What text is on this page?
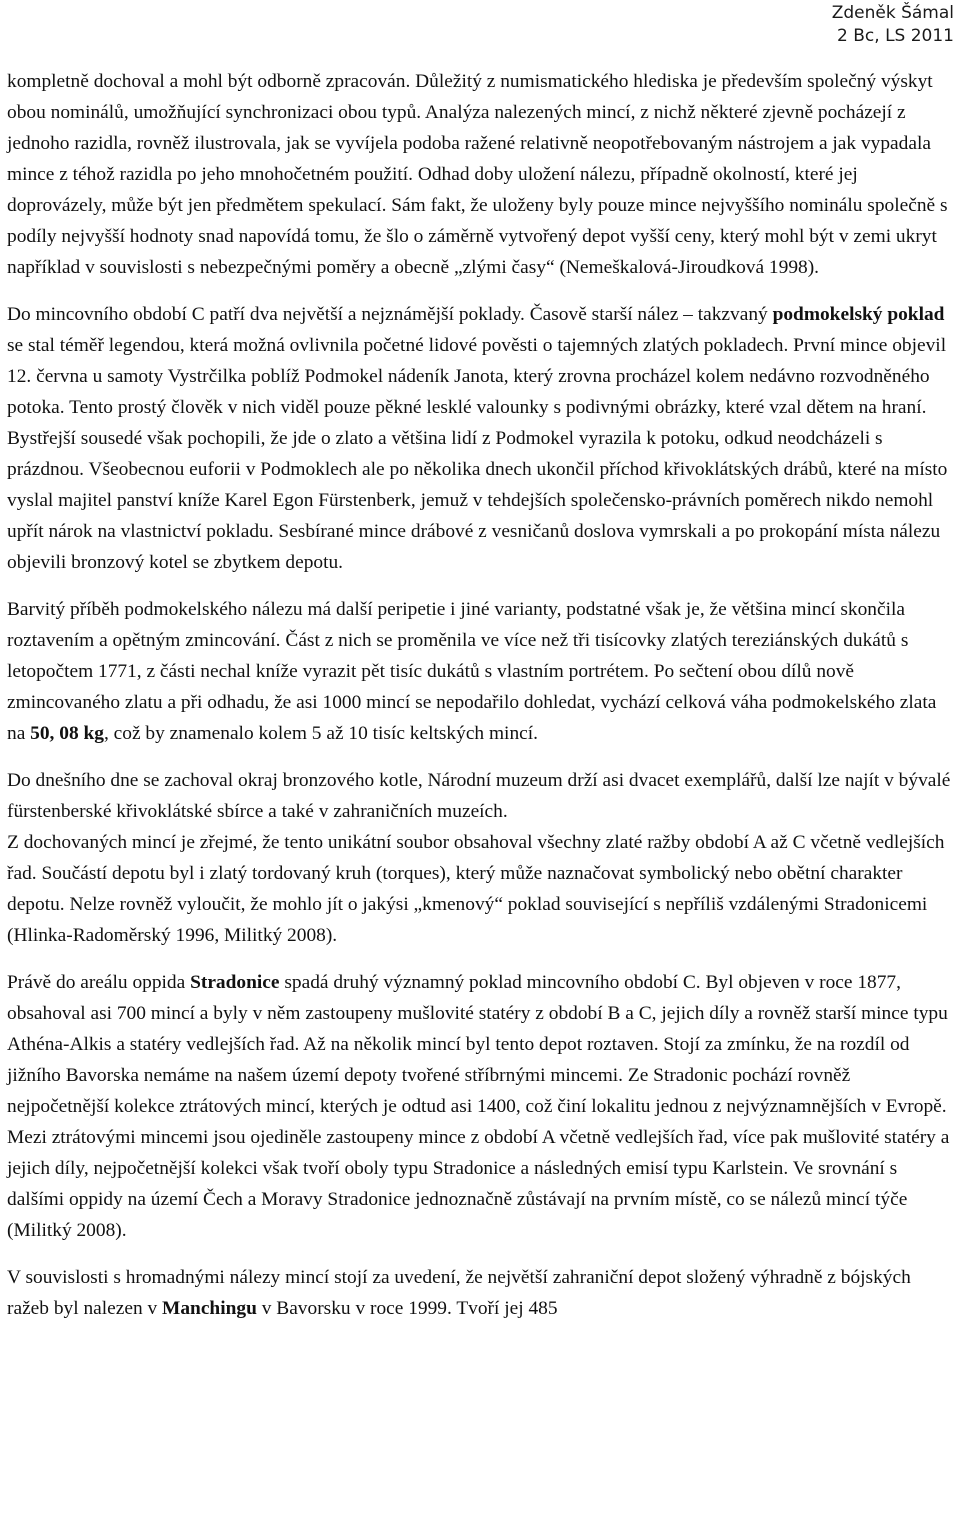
Zdeněk Šámal
2 Bc, LS 2011

kompletně dochoval a mohl být odborně zpracován. Důležitý z numismatického hlediska je především společný výskyt obou nominálů, umožňující synchronizaci obou typů. Analýza nalezených mincí, z nichž některé zjevně pocházejí z jednoho razidla, rovněž ilustrovala, jak se vyvíjela podoba ražené relativně neopotřebovaným nástrojem a jak vypadala mince z téhož razidla po jeho mnohočetném použití. Odhad doby uložení nálezu, případně okolností, které jej doprovázely, může být jen předmětem spekulací. Sám fakt, že uloženy byly pouze mince nejvyššího nominálu společně s podíly nejvyšší hodnoty snad napovídá tomu, že šlo o záměrně vytvořený depot vyšší ceny, který mohl být v zemi ukryt například v souvislosti s nebezpečnými poměry a obecně „zlými časy“ (Nemeškalová-Jiroudková 1998).

Do mincovního období C patří dva největší a nejznámější poklady. Časově starší nález – takzvaný podmokelský poklad se stal téměř legendou, která možná ovlivnila početné lidové pověsti o tajemných zlatých pokladech. První mince objevil 12. června u samoty Vystrčilka poblíž Podmokel nádeník Janota, který zrovna procházel kolem nedávno rozvodněného potoka. Tento prostý člověk v nich viděl pouze pěkné lesklé valounky s podivnými obrázky, které vzal dětem na hraní. Bystřejší sousedé však pochopili, že jde o zlato a většina lidí z Podmokel vyrazila k potoku, odkud neodcházeli s prázdnou. Všeobecnou euforii v Podmoklech ale po několika dnech ukončil příchod křivoklátských drábů, které na místo vyslal majitel panství kníže Karel Egon Fürstenberk, jemuž v tehdejších společensko-právních poměrech nikdo nemohl upřít nárok na vlastnictví pokladu. Sesbírané mince drábové z vesničanů doslova vymrskali a po prokopání místa nálezu objevili bronzový kotel se zbytkem depotu.

Barvitý příběh podmokelského nálezu má další peripetie i jiné varianty, podstatné však je, že většina mincí skončila roztavením a opětným zmincování. Část z nich se proměnila ve více než tři tisícovky zlatých tereziánských dukátů s letopočtem 1771, z části nechal kníže vyrazit pět tisíc dukátů s vlastním portrétem. Po sečtení obou dílů nově zmincovaného zlatu a při odhadu, že asi 1000 mincí se nepodařilo dohledat, vychází celková váha podmokelského zlata na 50, 08 kg, což by znamenalo kolem 5 až 10 tisíc keltských mincí.

Do dnešního dne se zachoval okraj bronzového kotle, Národní muzeum drží asi dvacet exemplářů, další lze najít v bývalé fürstenberské křivoklátské sbírce a také v zahraničních muzeích.

Z dochovaných mincí je zřejmé, že tento unikátní soubor obsahoval všechny zlaté ražby období A až C včetně vedlejších řad. Součástí depotu byl i zlatý tordovaný kruh (torques), který může naznačovat symbolický nebo obětní charakter depotu. Nelze rovněž vyloučit, že mohlo jít o jakýsi „kmenový“ poklad související s nepříliš vzdálenými Stradonicemi (Hlinka-Radoměrský 1996, Militký 2008).

Právě do areálu oppida Stradonice spadá druhý významný poklad mincovního období C. Byl objeven v roce 1877, obsahoval asi 700 mincí a byly v něm zastoupeny mušlovité statéry z období B a C, jejich díly a rovněž starší mince typu Athéna-Alkis a statéry vedlejších řad. Až na několik mincí byl tento depot roztaven. Stojí za zmínku, že na rozdíl od jižního Bavorska nemáme na našem území depoty tvořené stříbrnými mincemi. Ze Stradonic pochází rovněž nejpočetnější kolekce ztrátových mincí, kterých je odtud asi 1400, což činí lokalitu jednou z nejvýznamnějších v Evropě. Mezi ztrátovými mincemi jsou ojediněle zastoupeny mince z období A včetně vedlejších řad, více pak mušlovité statéry a jejich díly, nejpočetnější kolekci však tvoří oboly typu Stradonice a následných emisí typu Karlstein. Ve srovnání s dalšími oppidy na území Čech a Moravy Stradonice jednoznačně zůstávají na prvním místě, co se nálezů mincí týče (Militký 2008).

V souvislosti s hromadnými nálezy mincí stojí za uvedení, že největší zahraniční depot složený výhradně z bójských ražeb byl nalezen v Manchingu v Bavorsku v roce 1999. Tvoří jej 485
